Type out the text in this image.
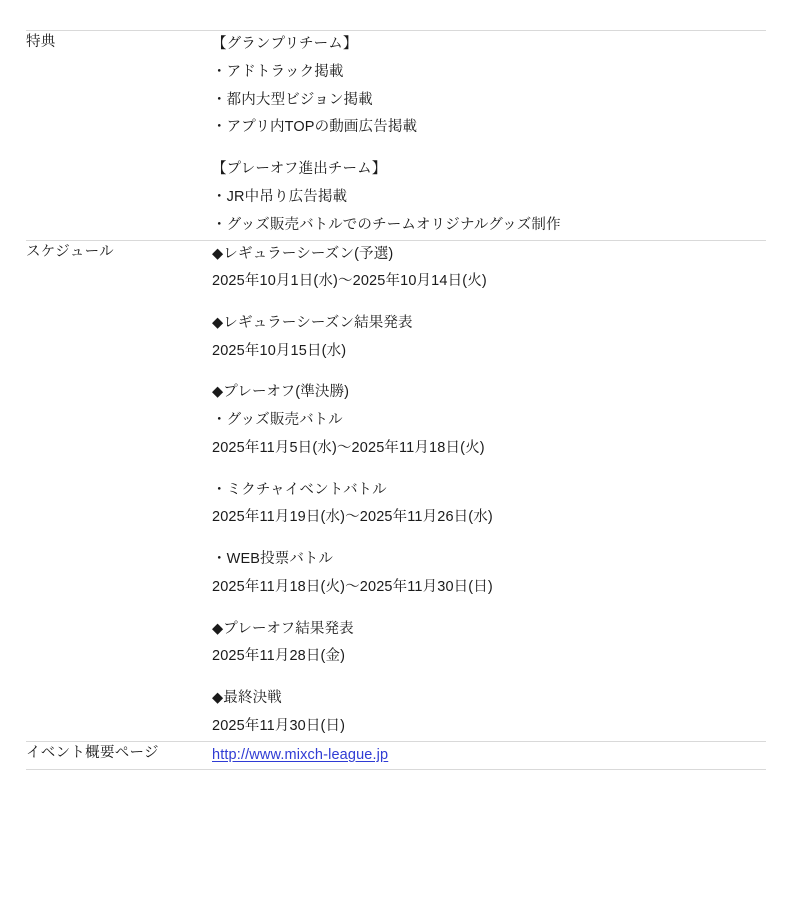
特典	【グランプリチーム】
・アドトラック掲載
・都内大型ビジョン掲載
・アプリ内TOPの動画広告掲載
【プレーオフ進出チーム】
・JR中吊り広告掲載
・グッズ販売バトルでのチームオリジナルグッズ制作

スケジュール	◆レギュラーシーズン(予選)
2025年10月1日(水)〜2025年10月14日(火)
◆レギュラーシーズン結果発表
2025年10月15日(水)
◆プレーオフ(準決勝)
・グッズ販売バトル
2025年11月5日(水)〜2025年11月18日(火)
・ミクチャイベントバトル
2025年11月19日(水)〜2025年11月26日(水)
・WEB投票バトル
2025年11月18日(火)〜2025年11月30日(日)
◆プレーオフ結果発表
2025年11月28日(金)
◆最終決戦
2025年11月30日(日)

イベント概要ページ	http://www.mixch-league.jp
